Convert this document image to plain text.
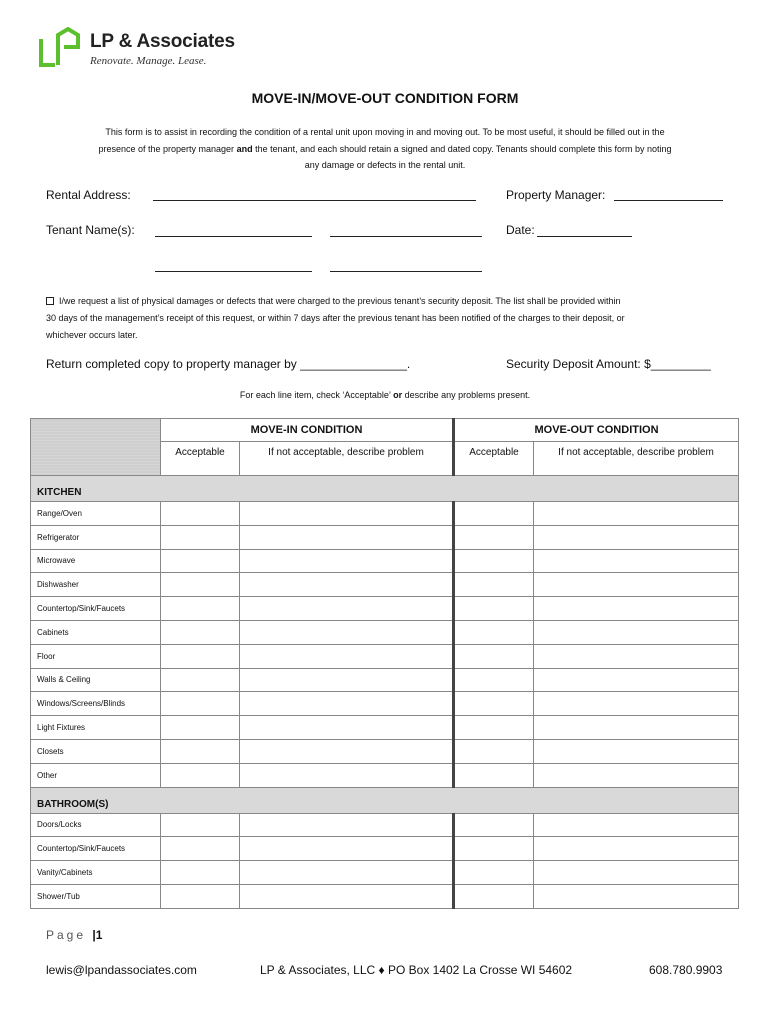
LP & Associates
Renovate. Manage. Lease.
MOVE-IN/MOVE-OUT CONDITION FORM
This form is to assist in recording the condition of a rental unit upon moving in and moving out. To be most useful, it should be filled out in the
presence of the property manager and the tenant, and each should retain a signed and dated copy. Tenants should complete this form by noting
any damage or defects in the rental unit.
Rental Address:	Property Manager:
Tenant Name(s):	Date:
I/we request a list of physical damages or defects that were charged to the previous tenant’s security deposit. The list shall be provided within
30 days of the management’s receipt of this request, or within 7 days after the previous tenant has been notified of the charges to their deposit, or
whichever occurs later.
Return completed copy to property manager by ________________.	Security Deposit Amount: $_________
For each line item, check ‘Acceptable’ or describe any problems present.
	MOVE-IN CONDITION		MOVE-OUT CONDITION	
	Acceptable	If not acceptable, describe problem	Acceptable	If not acceptable, describe problem
KITCHEN				
Range/Oven				
Refrigerator				
Microwave				
Dishwasher				
Countertop/Sink/Faucets				
Cabinets				
Floor				
Walls & Ceiling				
Windows/Screens/Blinds				
Light Fixtures				
Closets				
Other				
BATHROOM(S)				
Doors/Locks				
Countertop/Sink/Faucets				
Vanity/Cabinets				
Shower/Tub				
Page |1
lewis@lpandassociates.com	LP & Associates, LLC ♦ PO Box 1402 La Crosse WI 54602	608.780.9903
